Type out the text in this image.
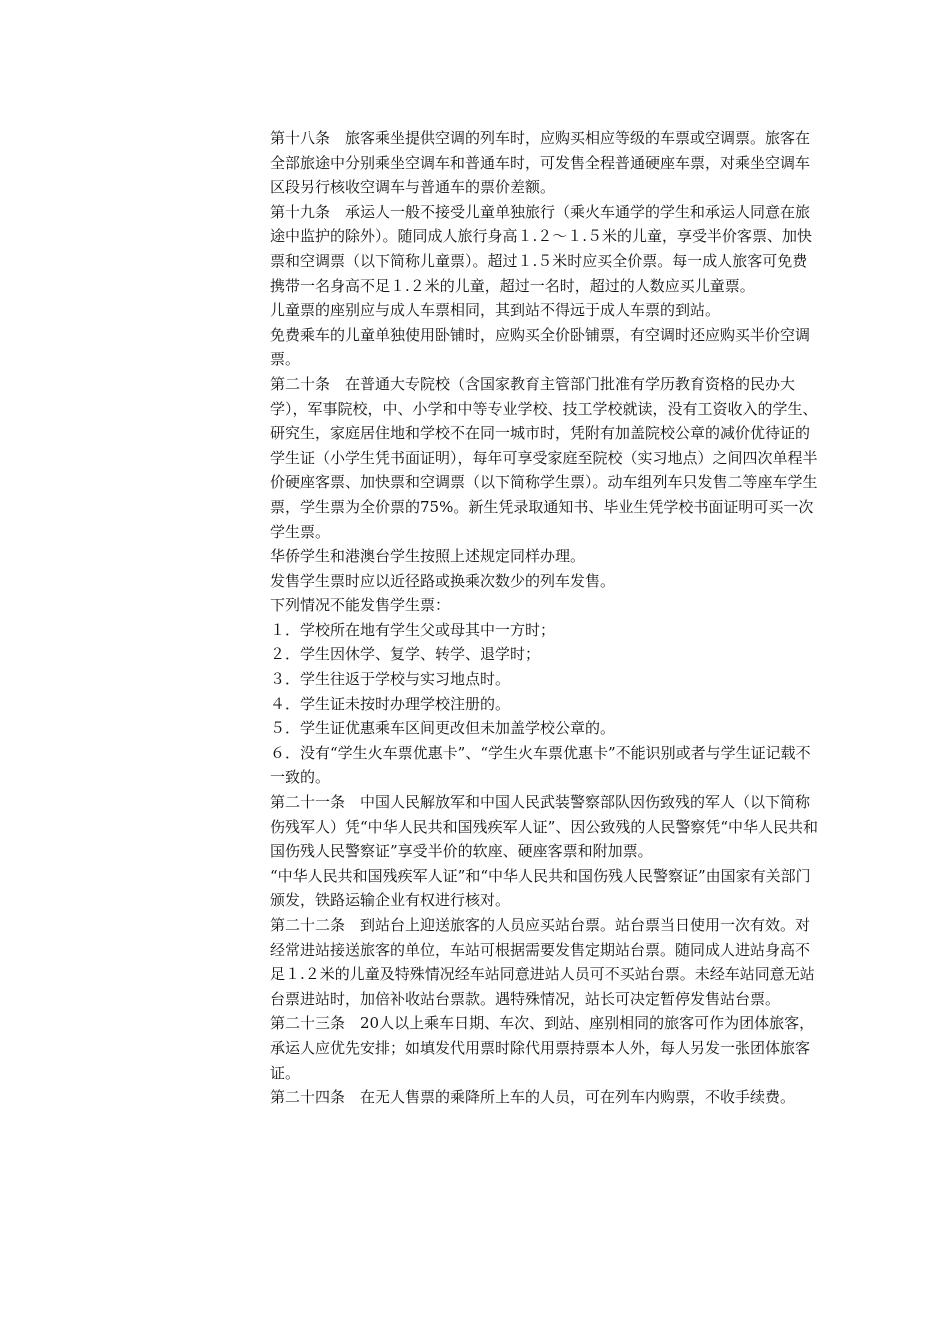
第十八条　旅客乘坐提供空调的列车时，应购买相应等级的车票或空调票。旅客在全部旅途中分别乘坐空调车和普通车时，可发售全程普通硬座车票，对乘坐空调车区段另行核收空调车与普通车的票价差额。

第十九条　承运人一般不接受儿童单独旅行（乘火车通学的学生和承运人同意在旅途中监护的除外）。随同成人旅行身高１.２～１.５米的儿童，享受半价客票、加快票和空调票（以下简称儿童票）。超过１.５米时应买全价票。每一成人旅客可免费携带一名身高不足１.２米的儿童，超过一名时，超过的人数应买儿童票。

儿童票的座别应与成人车票相同，其到站不得远于成人车票的到站。

免费乘车的儿童单独使用卧铺时，应购买全价卧铺票，有空调时还应购买半价空调票。

第二十条　在普通大专院校（含国家教育主管部门批准有学历教育资格的民办大学），军事院校，中、小学和中等专业学校、技工学校就读，没有工资收入的学生、研究生，家庭居住地和学校不在同一城市时，凭附有加盖院校公章的减价优待证的学生证（小学生凭书面证明），每年可享受家庭至院校（实习地点）之间四次单程半价硬座客票、加快票和空调票（以下简称学生票）。动车组列车只发售二等座车学生票，学生票为全价票的75%。新生凭录取通知书、毕业生凭学校书面证明可买一次学生票。

华侨学生和港澳台学生按照上述规定同样办理。

发售学生票时应以近径路或换乘次数少的列车发售。

下列情况不能发售学生票：

１．学校所在地有学生父或母其中一方时；

２．学生因休学、复学、转学、退学时；

３．学生往返于学校与实习地点时。

４．学生证未按时办理学校注册的。

５．学生证优惠乘车区间更改但未加盖学校公章的。

６．没有“学生火车票优惠卡”、“学生火车票优惠卡”不能识别或者与学生证记载不一致的。

第二十一条　中国人民解放军和中国人民武装警察部队因伤致残的军人（以下简称伤残军人）凭“中华人民共和国残疾军人证”、因公致残的人民警察凭“中华人民共和国伤残人民警察证”享受半价的软座、硬座客票和附加票。

“中华人民共和国残疾军人证”和“中华人民共和国伤残人民警察证”由国家有关部门颁发，铁路运输企业有权进行核对。

第二十二条　到站台上迎送旅客的人员应买站台票。站台票当日使用一次有效。对经常进站接送旅客的单位，车站可根据需要发售定期站台票。随同成人进站身高不足１.２米的儿童及特殊情况经车站同意进站人员可不买站台票。未经车站同意无站台票进站时，加倍补收站台票款。遇特殊情况，站长可决定暂停发售站台票。

第二十三条　20人以上乘车日期、车次、到站、座别相同的旅客可作为团体旅客，承运人应优先安排；如填发代用票时除代用票持票本人外，每人另发一张团体旅客证。

第二十四条　在无人售票的乘降所上车的人员，可在列车内购票，不收手续费。
